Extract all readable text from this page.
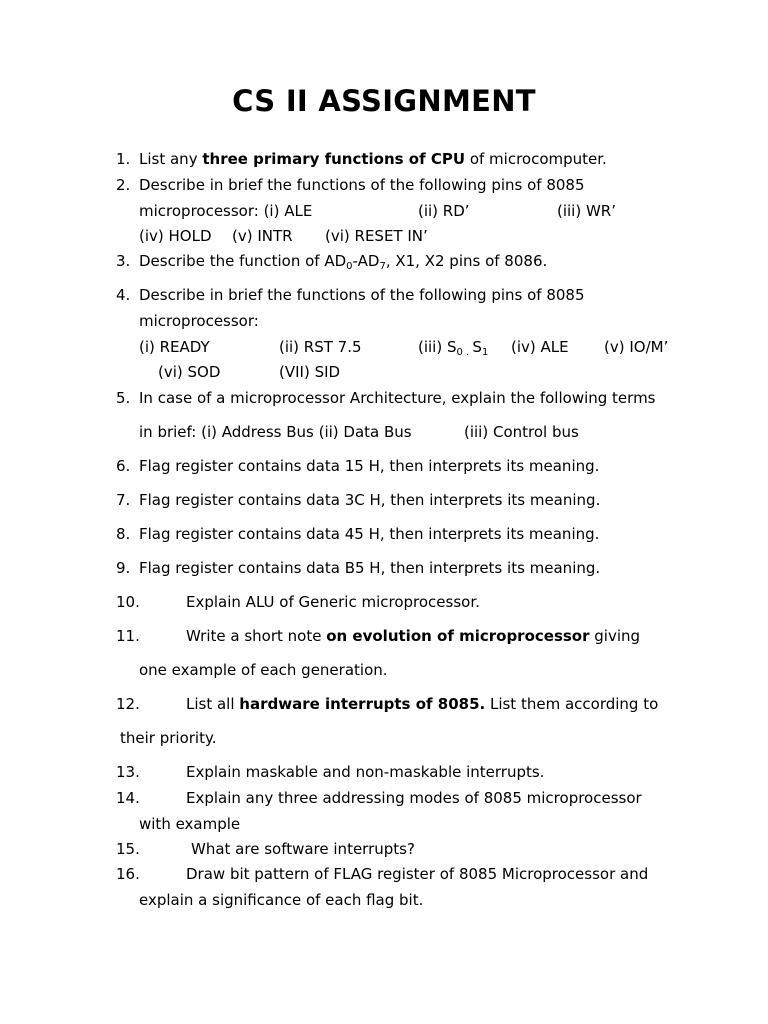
CS II ASSIGNMENT
1. List any three primary functions of CPU of microcomputer.
2. Describe in brief the functions of the following pins of 8085
microprocessor: (i) ALE	(ii) RD’	(iii) WR’
(iv) HOLD (v) INTR (vi) RESET IN’
3. Describe the function of $AD_0-AD_7$, X1, X2 pins of 8086.
4. Describe in brief the functions of the following pins of 8085
microprocessor:
(i) READY	(ii) RST 7.5	(iii) $S_{0 .}$ $S_1$ (iv) ALE (v) IO/M’
(vi) SOD	(VII) SID
5. In case of a microprocessor Architecture, explain the following terms
in brief: (i) Address Bus (ii) Data Bus	(iii) Control bus
6. Flag register contains data 15 H, then interprets its meaning.
7. Flag register contains data 3C H, then interprets its meaning.
8. Flag register contains data 45 H, then interprets its meaning.
9. Flag register contains data B5 H, then interprets its meaning.
10.	Explain ALU of Generic microprocessor.
11.	Write a short note on evolution of microprocessor giving
one example of each generation.
12.	List all hardware interrupts of 8085. List them according to
their priority.
13.	Explain maskable and non-maskable interrupts.
14.	Explain any three addressing modes of 8085 microprocessor
with example
15.	What are software interrupts?
16.	Draw bit pattern of FLAG register of 8085 Microprocessor and
explain a significance of each flag bit.
